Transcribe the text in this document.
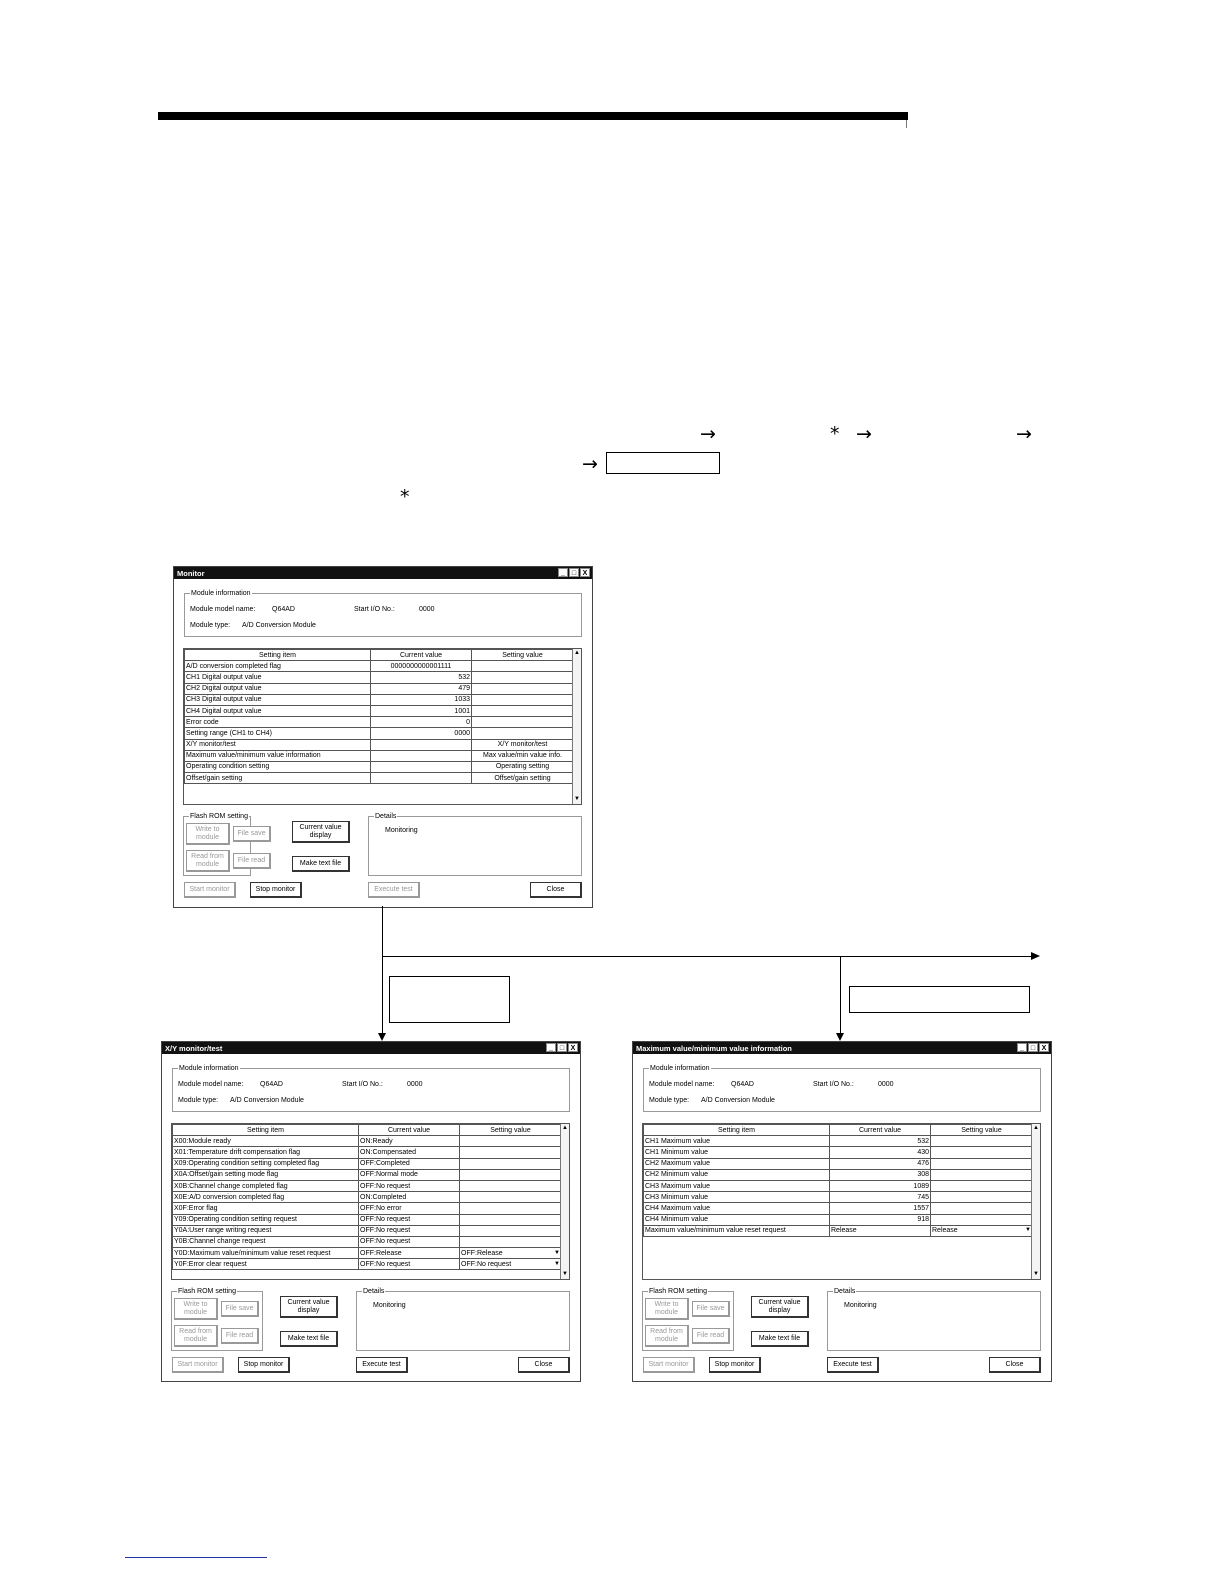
→	* →	→
→
*
Monitor	_ □ X
Module information
Module model name: Q64AD	Start I/O No.:	0000
Module type: A/D Conversion Module
Setting item	Current value	Setting value
A/D conversion completed flag	0000000000001111	
CH1 Digital output value	532	
CH2 Digital output value	479	
CH3 Digital output value	1033	
CH4 Digital output value	1001	
Error code	0	
Setting range (CH1 to CH4)	0000	
X/Y monitor/test		X/Y monitor/test
Maximum value/minimum value information		Max value/min value info.
Operating condition setting		Operating setting
Offset/gain setting		Offset/gain setting
▲
▼
Flash ROM setting
Write to module
File save
Read from module
File read
Current value display
Make text file
Details
Monitoring
Start monitor	Stop monitor	Execute test	Close
X/Y monitor/test	_ □ X
Module information
Module model name: Q64AD	Start I/O No.:	0000
Module type: A/D Conversion Module
Setting item	Current value	Setting value
X00:Module ready	ON:Ready	
X01:Temperature drift compensation flag	ON:Compensated	
X09:Operating condition setting completed flag	OFF:Completed	
X0A:Offset/gain setting mode flag	OFF:Normal mode	
X0B:Channel change completed flag	OFF:No request	
X0E:A/D conversion completed flag	ON:Completed	
X0F:Error flag	OFF:No error	
Y09:Operating condition setting request	OFF:No request	
Y0A:User range writing request	OFF:No request	
Y0B:Channel change request	OFF:No request	
Y0D:Maximum value/minimum value reset request	OFF:Release	OFF:Release ▼

Y0F:Error clear request	OFF:No request	OFF:No request ▼
▲
▼
Flash ROM setting
Write to module
File save
Read from module
File read
Current value display
Make text file
Details
Monitoring
Start monitor	Stop monitor	Execute test	Close
Maximum value/minimum value information	_ □ X
Module information
Module model name: Q64AD	Start I/O No.:	0000
Module type: A/D Conversion Module
Setting item	Current value	Setting value
CH1 Maximum value	532	
CH1 Minimum value	430	
CH2 Maximum value	476	
CH2 Minimum value	308	
CH3 Maximum value	1089	
CH3 Minimum value	745	
CH4 Maximum value	1557	
CH4 Minimum value	918	
Maximum value/minimum value reset request	Release	Release ▼
▲
▼
Flash ROM setting
Write to module
File save
Read from module
File read
Current value display
Make text file
Details
Monitoring
Start monitor	Stop monitor	Execute test	Close
